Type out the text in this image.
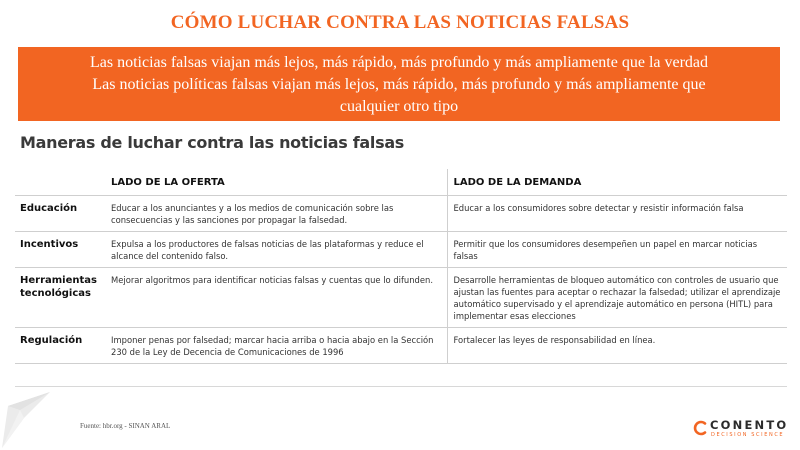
CÓMO LUCHAR CONTRA LAS NOTICIAS FALSAS
Las noticias falsas viajan más lejos, más rápido, más profundo y más ampliamente que la verdad
Las noticias políticas falsas viajan más lejos, más rápido, más profundo y más ampliamente que
cualquier otro tipo
Maneras de luchar contra las noticias falsas
	LADO DE LA OFERTA	LADO DE LA DEMANDA
Educación	Educar a los anunciantes y a los medios de comunicación sobre las consecuencias y las sanciones por propagar la falsedad.	Educar a los consumidores sobre detectar y resistir información falsa
Incentivos	Expulsa a los productores de falsas noticias de las plataformas y reduce el alcance del contenido falso.	Permitir que los consumidores desempeñen un papel en marcar noticias falsas
Herramientas tecnológicas	Mejorar algoritmos para identificar noticias falsas y cuentas que lo difunden.	Desarrolle herramientas de bloqueo automático con controles de usuario que ajustan las fuentes para aceptar o rechazar la falsedad; utilizar el aprendizaje automático supervisado y el aprendizaje automático en persona (HITL) para implementar esas elecciones
Regulación	Imponer penas por falsedad; marcar hacia arriba o hacia abajo en la Sección 230 de la Ley de Decencia de Comunicaciones de 1996	Fortalecer las leyes de responsabilidad en línea.
Fuente: hbr.org - SINAN ARAL	CONENTO
DECISION SCIENCE
